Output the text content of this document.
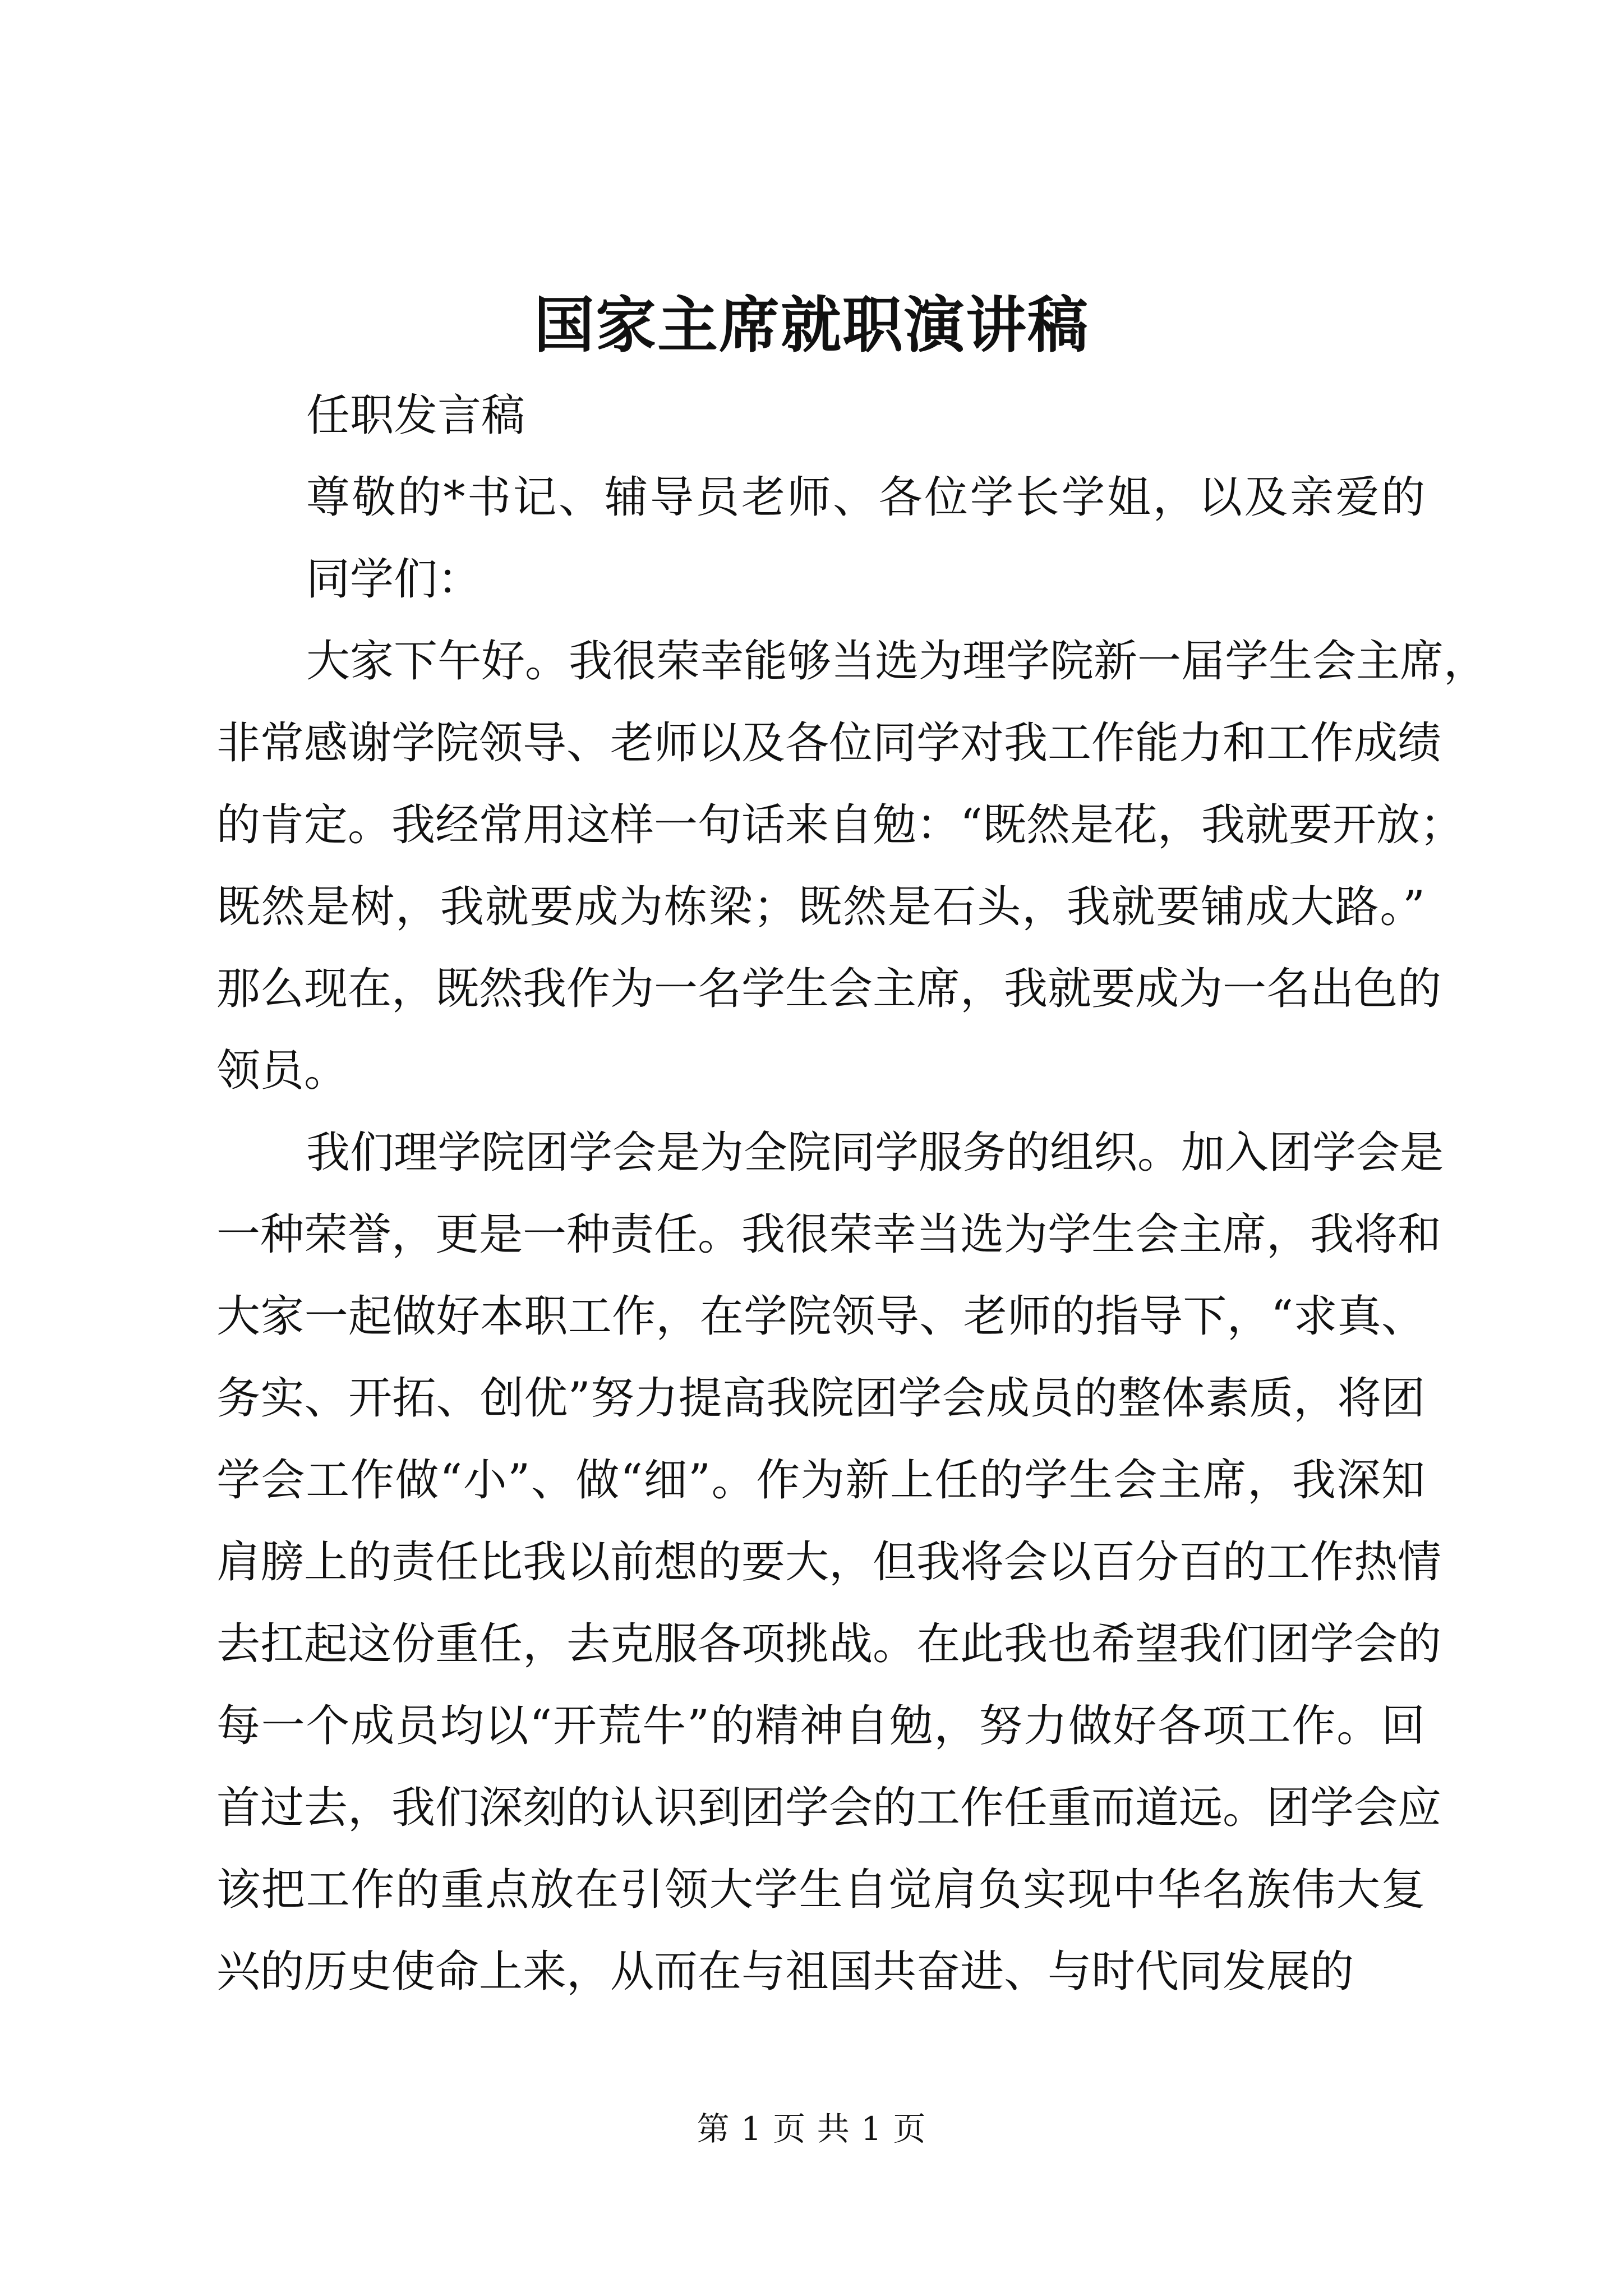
国家主席就职演讲稿
任职发言稿
尊敬的*书记、辅导员老师、各位学长学姐，以及亲爱的
同学们：
大家下午好。我很荣幸能够当选为理学院新一届学生会主席，
非常感谢学院领导、老师以及各位同学对我工作能力和工作成绩
的肯定。我经常用这样一句话来自勉：“既然是花，我就要开放；
既然是树，我就要成为栋梁；既然是石头，我就要铺成大路。”
那么现在，既然我作为一名学生会主席，我就要成为一名出色的
领员。
我们理学院团学会是为全院同学服务的组织。加入团学会是
一种荣誉，更是一种责任。我很荣幸当选为学生会主席，我将和
大家一起做好本职工作，在学院领导、老师的指导下，“求真、
务实、开拓、创优”努力提高我院团学会成员的整体素质，将团
学会工作做“小”、做“细”。作为新上任的学生会主席，我深知
肩膀上的责任比我以前想的要大，但我将会以百分百的工作热情
去扛起这份重任，去克服各项挑战。在此我也希望我们团学会的
每一个成员均以“开荒牛”的精神自勉，努力做好各项工作。回
首过去，我们深刻的认识到团学会的工作任重而道远。团学会应
该把工作的重点放在引领大学生自觉肩负实现中华名族伟大复
兴的历史使命上来，从而在与祖国共奋进、与时代同发展的
第 1 页 共 1 页
